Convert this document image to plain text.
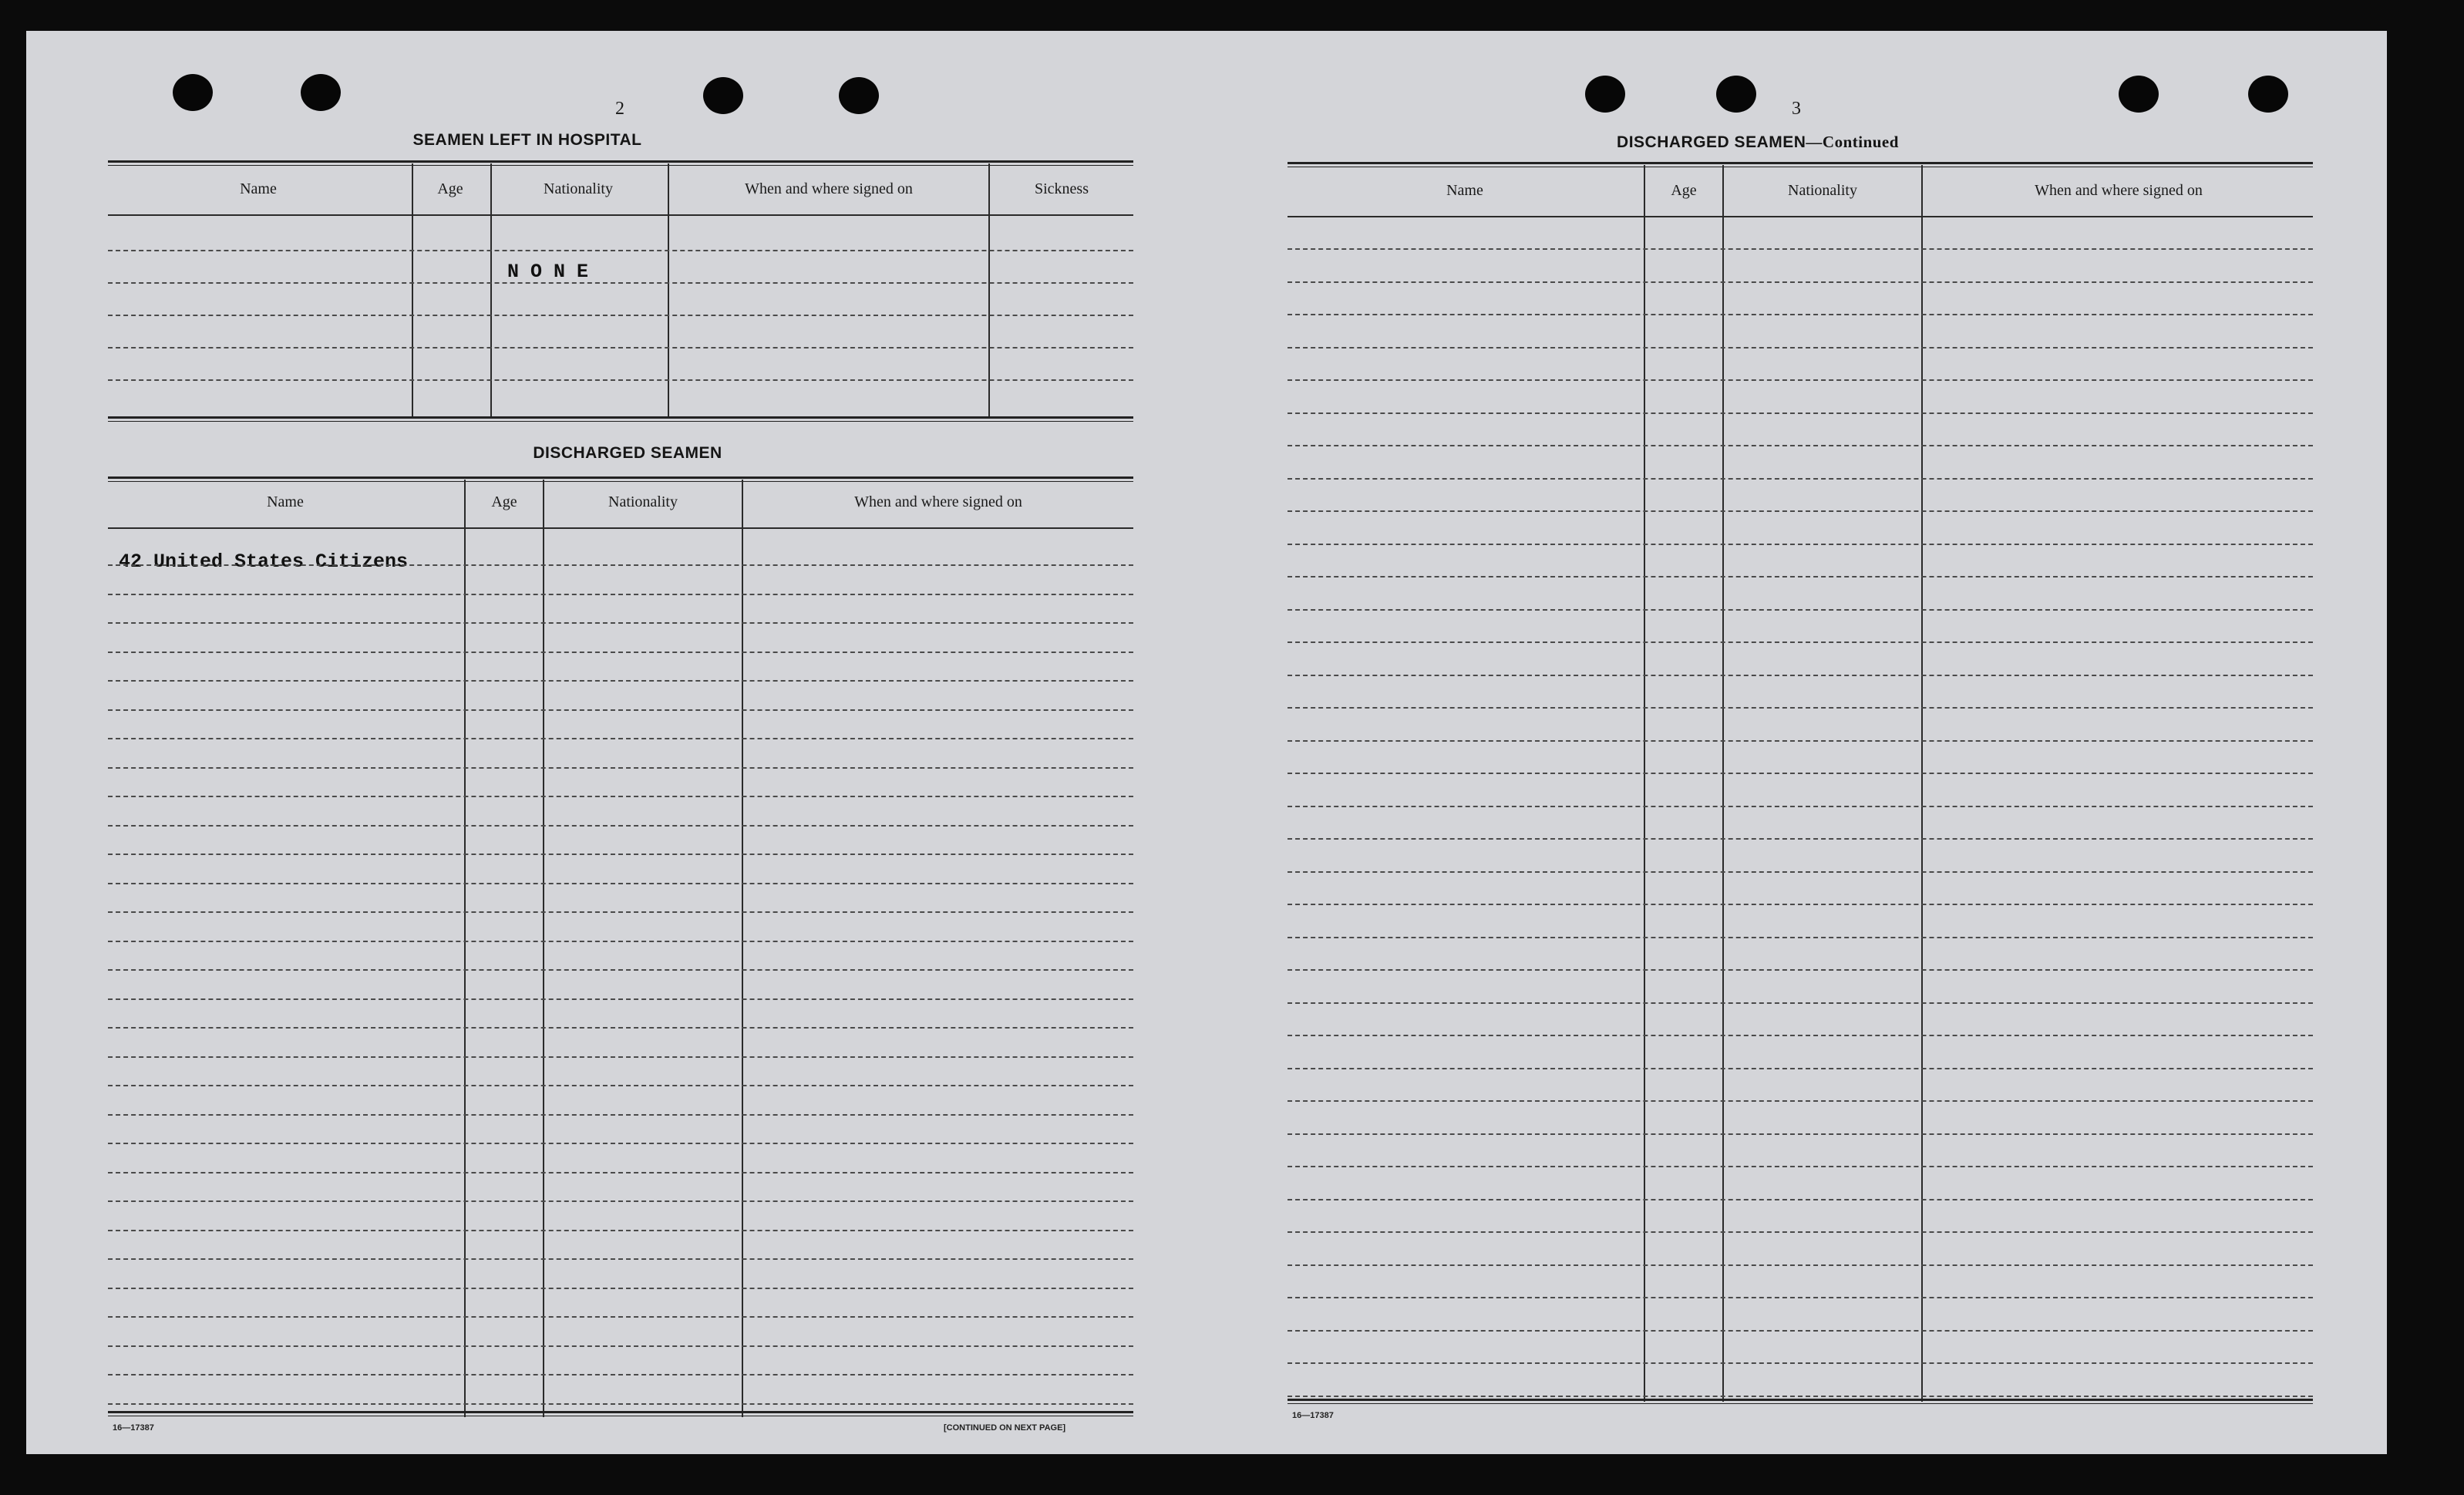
2
SEAMEN LEFT IN HOSPITAL
Name	Age	Nationality	When and where signed on	Sickness
N O N E
DISCHARGED SEAMEN
Name	Age	Nationality	When and where signed on
42 United States Citizens
16—17387	[CONTINUED ON NEXT PAGE]
3
DISCHARGED SEAMEN—Continued
Name	Age	Nationality	When and where signed on
16—17387
